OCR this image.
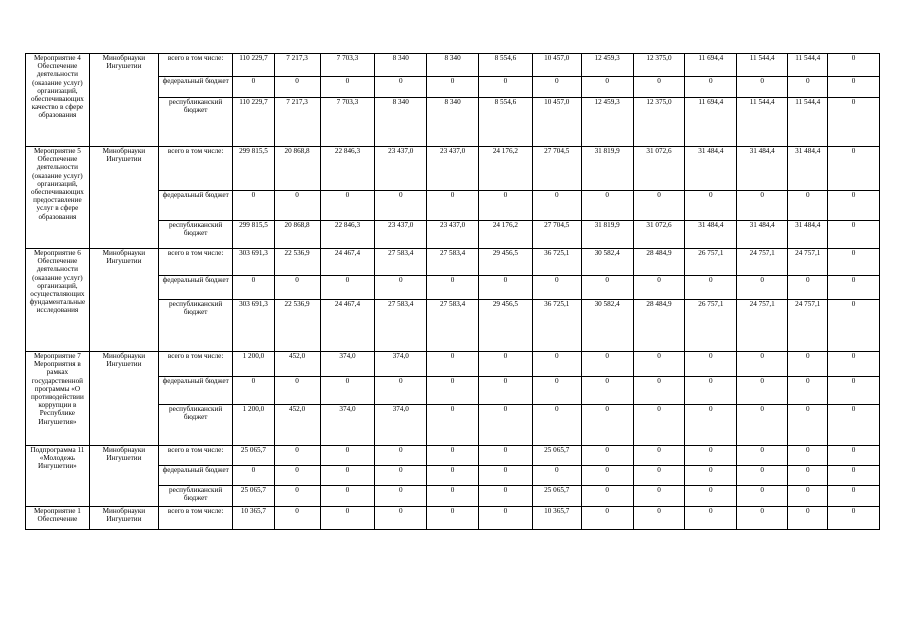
Мероприятие 4 Обеспечение деятельности (оказание услуг) организаций, обеспечивающих качество в сфере образования	Минобрнауки Ингушетии	всего в том числе:	110 229,7	7 217,3	7 703,3	8 340	8 340	8 554,6	10 457,0	12 459,3	12 375,0	11 694,4	11 544,4	11 544,4	0
		федеральный бюджет	0	0	0	0	0	0	0	0	0	0	0	0	0
		республиканский бюджет	110 229,7	7 217,3	7 703,3	8 340	8 340	8 554,6	10 457,0	12 459,3	12 375,0	11 694,4	11 544,4	11 544,4	0
Мероприятие 5 Обеспечение деятельности (оказание услуг) организаций, обеспечивающих предоставление услуг в сфере образования	Минобрнауки Ингушетии	всего в том числе:	299 815,5	20 868,8	22 846,3	23 437,0	23 437,0	24 176,2	27 704,5	31 819,9	31 072,6	31 484,4	31 484,4	31 484,4	0
		федеральный бюджет	0	0	0	0	0	0	0	0	0	0	0	0	0
		республиканский бюджет	299 815,5	20 868,8	22 846,3	23 437,0	23 437,0	24 176,2	27 704,5	31 819,9	31 072,6	31 484,4	31 484,4	31 484,4	0
Мероприятие 6 Обеспечение деятельности (оказание услуг) организаций, осуществляющих фундаментальные исследования	Минобрнауки Ингушетии	всего в том числе:	303 691,3	22 536,9	24 467,4	27 583,4	27 583,4	29 456,5	36 725,1	30 582,4	28 484,9	26 757,1	24 757,1	24 757,1	0
		федеральный бюджет	0	0	0	0	0	0	0	0	0	0	0	0	0
		республиканский бюджет	303 691,3	22 536,9	24 467,4	27 583,4	27 583,4	29 456,5	36 725,1	30 582,4	28 484,9	26 757,1	24 757,1	24 757,1	0
Мероприятие 7 Мероприятия в рамках государственной программы «О противодействии коррупции в Республике Ингушетия»	Минобрнауки Ингушетии	всего в том числе:	1 200,0	452,0	374,0	374,0	0	0	0	0	0	0	0	0	0
		федеральный бюджет	0	0	0	0	0	0	0	0	0	0	0	0	0
		республиканский бюджет	1 200,0	452,0	374,0	374,0	0	0	0	0	0	0	0	0	0
Подпрограмма 11 «Молодежь Ингушетии»	Минобрнауки Ингушетии	всего в том числе:	25 065,7	0	0	0	0	0	25 065,7	0	0	0	0	0	0
		федеральный бюджет	0	0	0	0	0	0	0	0	0	0	0	0	0
		республиканский бюджет	25 065,7	0	0	0	0	0	25 065,7	0	0	0	0	0	0
Мероприятие 1 Обеспечение	Минобрнауки Ингушетии	всего в том числе:	10 365,7	0	0	0	0	0	10 365,7	0	0	0	0	0	0
